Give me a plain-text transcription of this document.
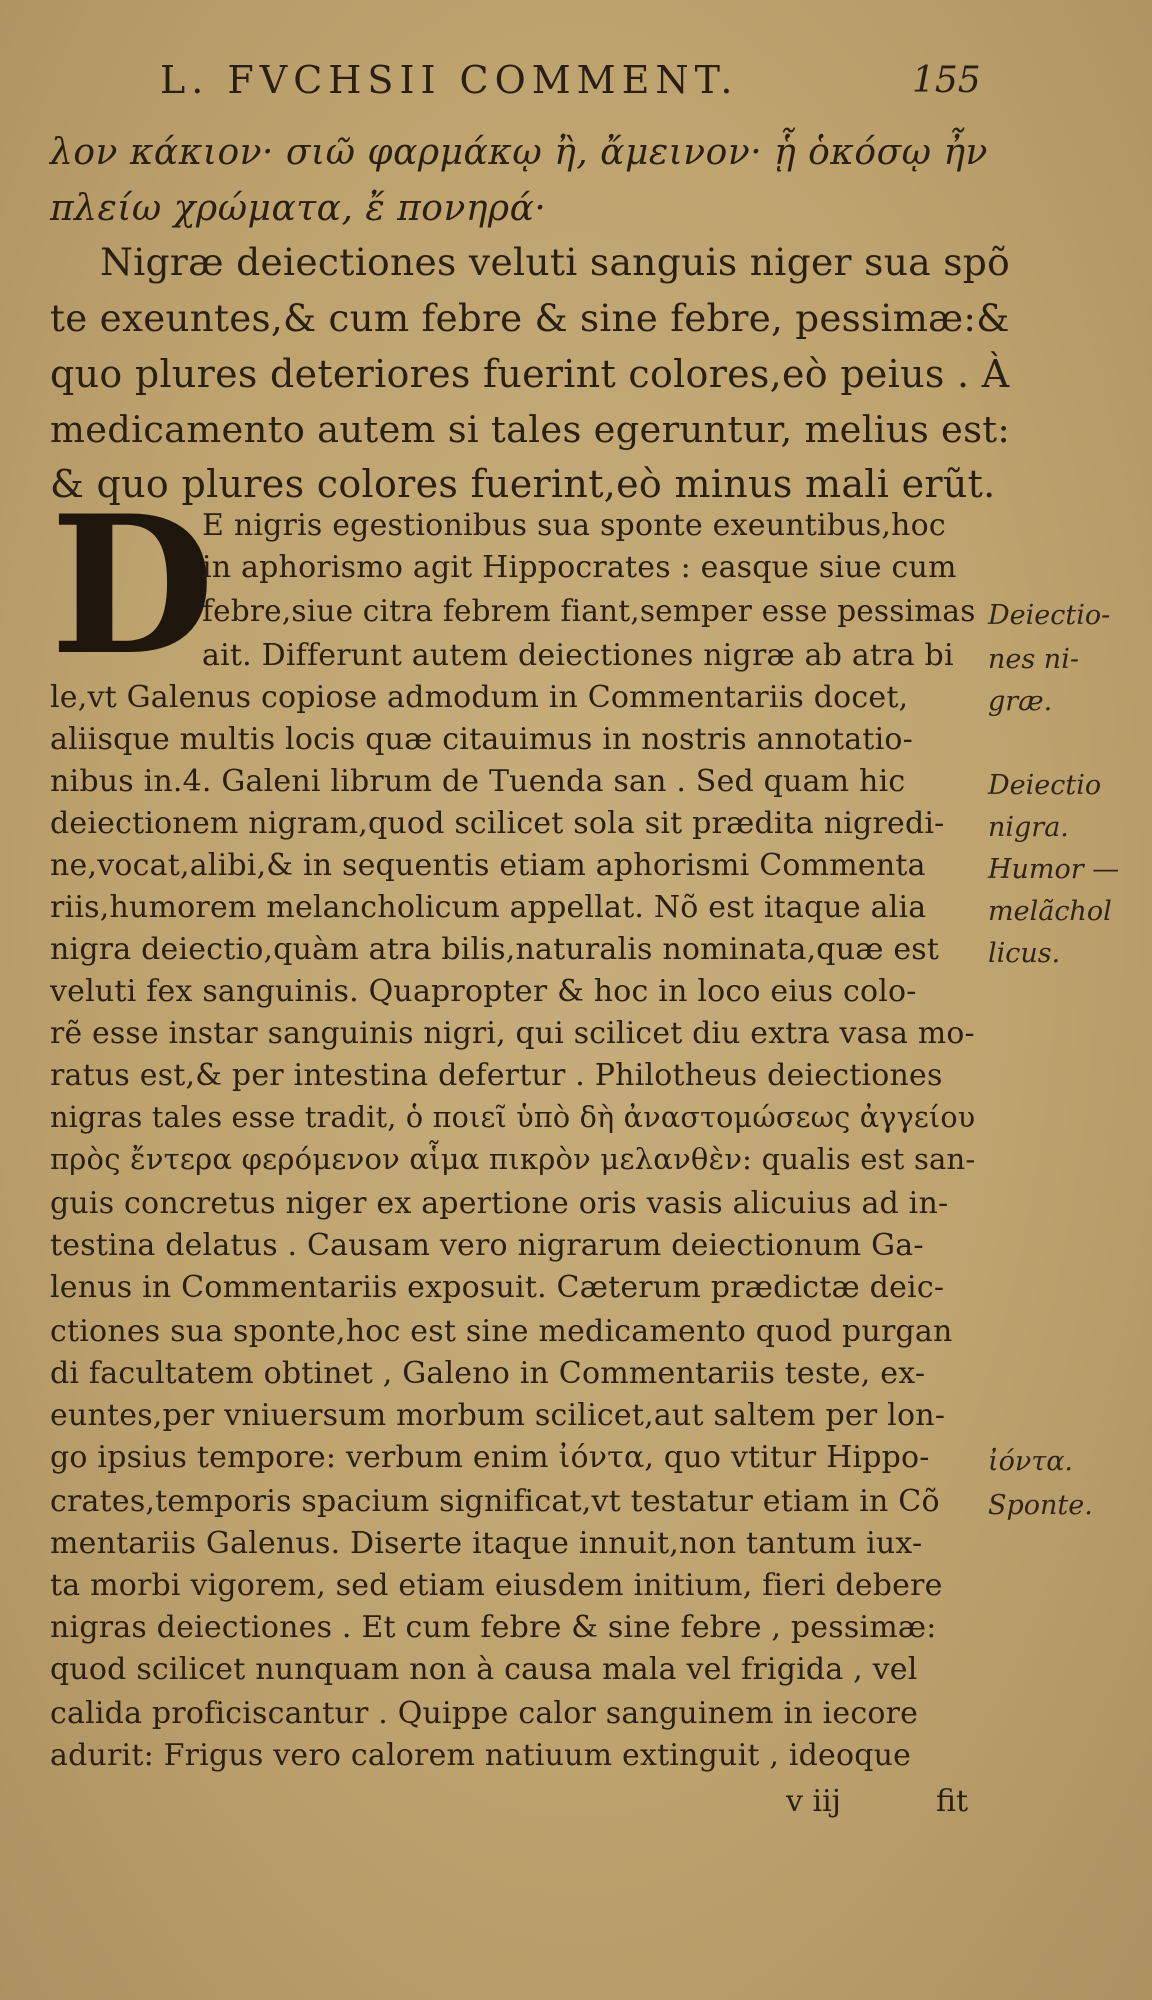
L. FVCHSII COMMENT.	155
λον κάκιον· σιῶ φαρμάκῳ ἢ, ἄμεινον· ᾗ ὁκόσῳ ἦν
πλείω χρώματα, ἔ πονηρά·
Nigræ deiectiones veluti sanguis niger sua spõ
te exeuntes,& cum febre & sine febre, pessimæ:&
quo plures deteriores fuerint colores,eò peius . À
medicamento autem si tales egeruntur, melius est:
& quo plures colores fuerint,eò minus mali erũt.
D
E nigris egestionibus sua sponte exeuntibus,hoc
in aphorismo agit Hippocrates : easque siue cum
febre,siue citra febrem fiant,semper esse pessimas
ait. Differunt autem deiectiones nigræ ab atra bi
le,vt Galenus copiose admodum in Commentariis docet,
aliisque multis locis quæ citauimus in nostris annotatio-
nibus in.4. Galeni librum de Tuenda san . Sed quam hic
deiectionem nigram,quod scilicet sola sit prædita nigredi-
ne,vocat,alibi,& in sequentis etiam aphorismi Commenta
riis,humorem melancholicum appellat. Nõ est itaque alia
nigra deiectio,quàm atra bilis,naturalis nominata,quæ est
veluti fex sanguinis. Quapropter & hoc in loco eius colo-
rẽ esse instar sanguinis nigri, qui scilicet diu extra vasa mo-
ratus est,& per intestina defertur . Philotheus deiectiones
nigras tales esse tradit, ὁ ποιεῖ ὑπὸ δὴ ἀναστομώσεως ἀγγείου
πρὸς ἔντερα φερόμενον αἷμα πικρὸν μελανθὲν: qualis est san-
guis concretus niger ex apertione oris vasis alicuius ad in-
testina delatus . Causam vero nigrarum deiectionum Ga-
lenus in Commentariis exposuit. Cæterum prædictæ deic-
ctiones sua sponte,hoc est sine medicamento quod purgan
di facultatem obtinet , Galeno in Commentariis teste, ex-
euntes,per vniuersum morbum scilicet,aut saltem per lon-
go ipsius tempore: verbum enim ἰόντα, quo vtitur Hippo-
crates,temporis spacium significat,vt testatur etiam in Cõ
mentariis Galenus. Diserte itaque innuit,non tantum iux-
ta morbi vigorem, sed etiam eiusdem initium, fieri debere
nigras deiectiones . Et cum febre & sine febre , pessimæ:
quod scilicet nunquam non à causa mala vel frigida , vel
calida proficiscantur . Quippe calor sanguinem in iecore
adurit: Frigus vero calorem natiuum extinguit , ideoque
Deiectio-
nes ni-
græ.
Deiectio
nigra.
Humor —
melãchol
licus.
ἰόντα.
Sponte.
v iij	fit
